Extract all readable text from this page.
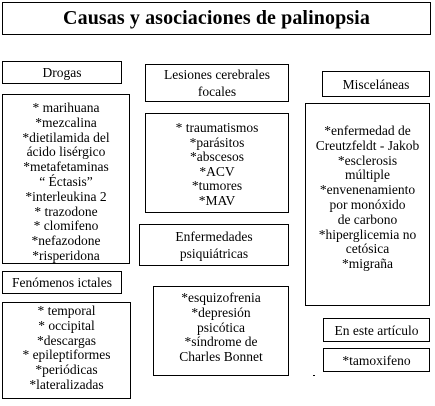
Causas y asociaciones de palinopsia
Drogas
* marihuana
*mezcalina
*dietilamida del
ácido lisérgico
*metafetaminas
“ Éctasis”
*interleukina 2
* trazodone
* clomifeno
*nefazodone
*risperidona
Lesiones cerebrales
focales
* traumatismos
*parásitos
*abscesos
*ACV
*tumores
*MAV
Misceláneas
*enfermedad de
Creutzfeldt - Jakob
*esclerosis
múltiple
*envenenamiento
por monóxido
de carbono
*hiperglicemia no
cetósica
*migraña
Enfermedades
psiquiátricas
*esquizofrenia
*depresión
psicótica
*síndrome de
Charles Bonnet
Fenómenos ictales
* temporal
* occipital
*descargas
* epileptiformes
*periódicas
*lateralizadas
En este artículo
*tamoxifeno
